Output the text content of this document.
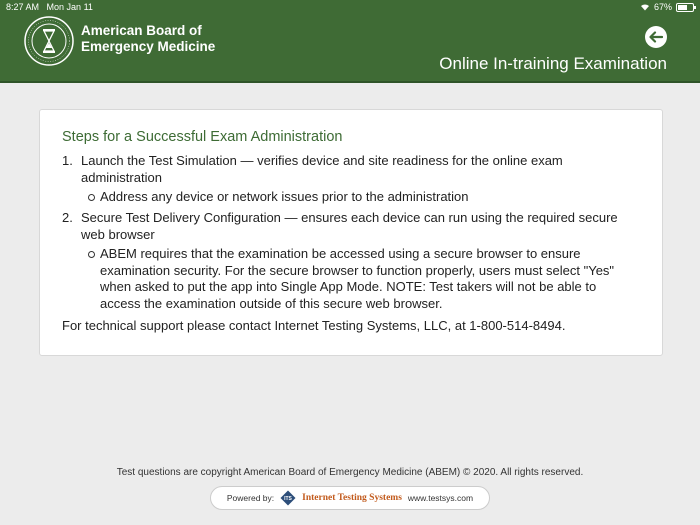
8:27 AM Mon Jan 11	67%
American Board of
Emergency Medicine
Online In-training Examination
Steps for a Successful Exam Administration
1. Launch the Test Simulation — verifies device and site readiness for the online exam administration
Address any device or network issues prior to the administration
2. Secure Test Delivery Configuration — ensures each device can run using the required secure web browser
ABEM requires that the examination be accessed using a secure browser to ensure examination security. For the secure browser to function properly, users must select "Yes" when asked to put the app into Single App Mode. NOTE: Test takers will not be able to access the examination outside of this secure web browser.
For technical support please contact Internet Testing Systems, LLC, at 1-800-514-8494.
Test questions are copyright American Board of Emergency Medicine (ABEM) © 2020. All rights reserved.
Powered by: ITS Internet Testing Systems www.testsys.com
